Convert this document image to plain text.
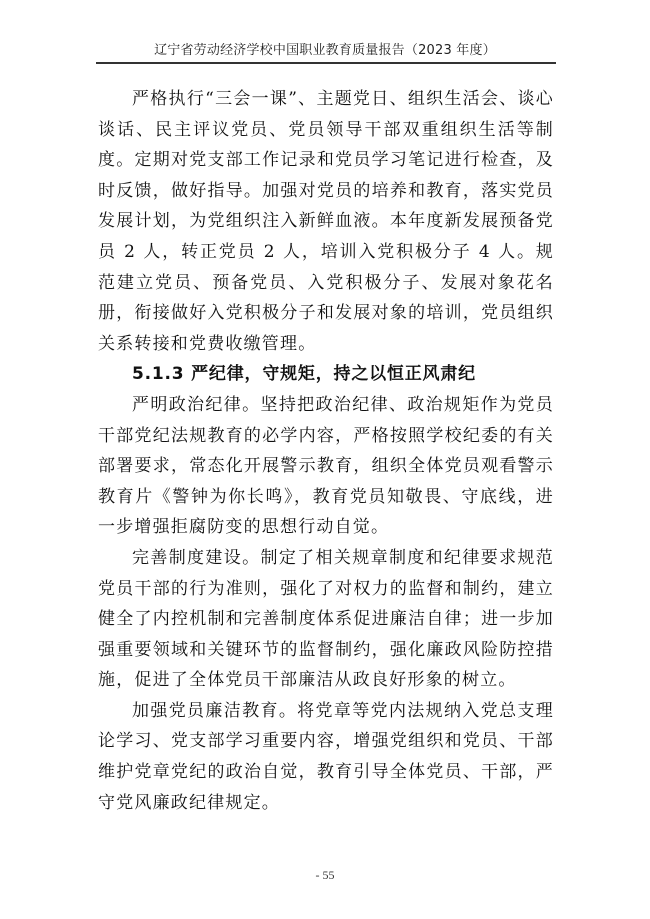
辽宁省劳动经济学校中国职业教育质量报告（2023 年度）

严格执行“三会一课”、主题党日、组织生活会、谈心谈话、民主评议党员、党员领导干部双重组织生活等制度。定期对党支部工作记录和党员学习笔记进行检查，及时反馈，做好指导。加强对党员的培养和教育，落实党员发展计划，为党组织注入新鲜血液。本年度新发展预备党员 2 人，转正党员 2 人，培训入党积极分子 4 人。规范建立党员、预备党员、入党积极分子、发展对象花名册，衔接做好入党积极分子和发展对象的培训，党员组织关系转接和党费收缴管理。

5.1.3 严纪律，守规矩，持之以恒正风肃纪

严明政治纪律。坚持把政治纪律、政治规矩作为党员干部党纪法规教育的必学内容，严格按照学校纪委的有关部署要求，常态化开展警示教育，组织全体党员观看警示教育片《警钟为你长鸣》，教育党员知敬畏、守底线，进一步增强拒腐防变的思想行动自觉。

完善制度建设。制定了相关规章制度和纪律要求规范党员干部的行为准则，强化了对权力的监督和制约，建立健全了内控机制和完善制度体系促进廉洁自律；进一步加强重要领域和关键环节的监督制约，强化廉政风险防控措施，促进了全体党员干部廉洁从政良好形象的树立。

加强党员廉洁教育。将党章等党内法规纳入党总支理论学习、党支部学习重要内容，增强党组织和党员、干部维护党章党纪的政治自觉，教育引导全体党员、干部，严守党风廉政纪律规定。

- 55
